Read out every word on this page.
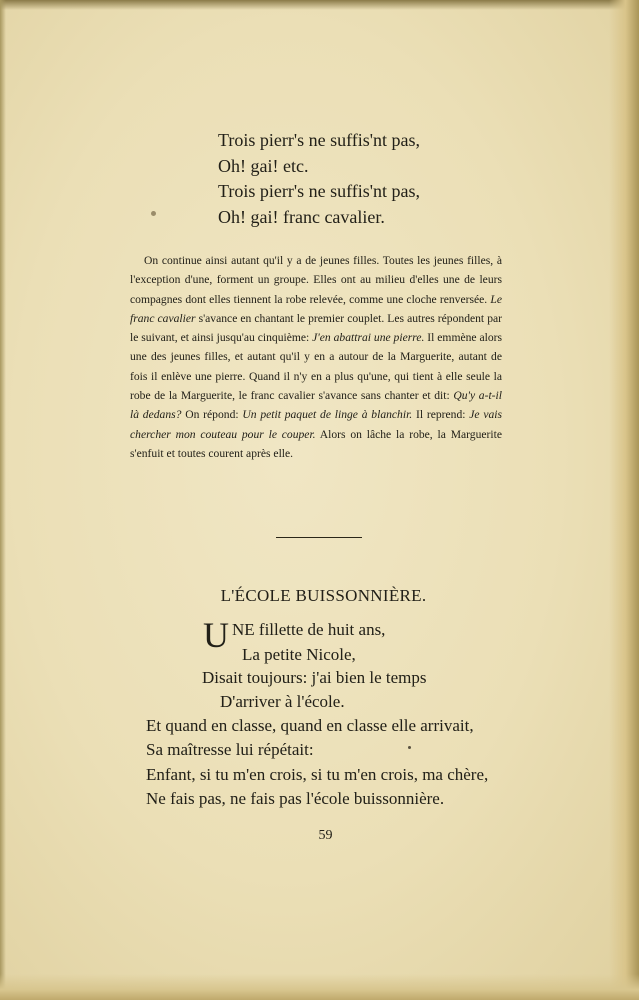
Trois pierr's ne suffis'nt pas,
Oh! gai! etc.
Trois pierr's ne suffis'nt pas,
Oh! gai! franc cavalier.
On continue ainsi autant qu'il y a de jeunes filles. Toutes les jeunes filles, à l'exception d'une, forment un groupe. Elles ont au milieu d'elles une de leurs compagnes dont elles tiennent la robe relevée, comme une cloche renversée. Le franc cavalier s'avance en chantant le premier couplet. Les autres répondent par le suivant, et ainsi jusqu'au cinquième: J'en abattrai une pierre. Il emmène alors une des jeunes filles, et autant qu'il y en a autour de la Marguerite, autant de fois il enlève une pierre. Quand il n'y en a plus qu'une, qui tient à elle seule la robe de la Marguerite, le franc cavalier s'avance sans chanter et dit: Qu'y a-t-il là dedans? On répond: Un petit paquet de linge à blanchir. Il reprend: Je vais chercher mon couteau pour le couper. Alors on lâche la robe, la Marguerite s'enfuit et toutes courent après elle.
L'ÉCOLE BUISSONNIÈRE.
U NE fillette de huit ans,
La petite Nicole,
Disait toujours: j'ai bien le temps
D'arriver à l'école.
Et quand en classe, quand en classe elle arrivait,
Sa maîtresse lui répétait:
Enfant, si tu m'en crois, si tu m'en crois, ma chère,
Ne fais pas, ne fais pas l'école buissonnière.
59
